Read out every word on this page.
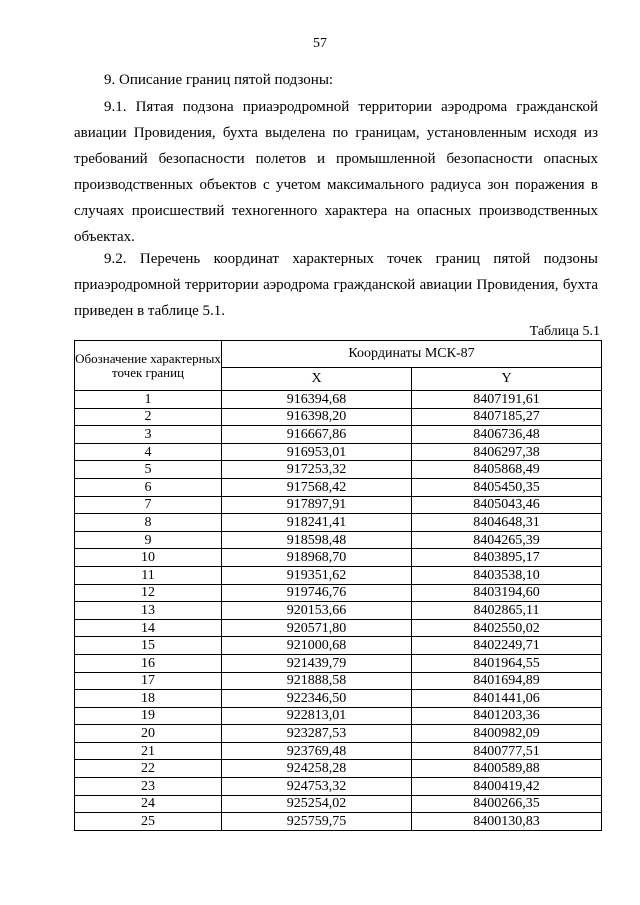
57
9. Описание границ пятой подзоны:
9.1. Пятая подзона приаэродромной территории аэродрома гражданской авиации Провидения, бухта выделена по границам, установленным исходя из требований безопасности полетов и промышленной безопасности опасных производственных объектов с учетом максимального радиуса зон поражения в случаях происшествий техногенного характера на опасных производственных объектах.
9.2. Перечень координат характерных точек границ пятой подзоны приаэродромной территории аэродрома гражданской авиации Провидения, бухта приведен в таблице 5.1.
Таблица 5.1
Обозначение характерных точек границ	Координаты МСК-87	
	X	Y
1	916394,68	8407191,61
2	916398,20	8407185,27
3	916667,86	8406736,48
4	916953,01	8406297,38
5	917253,32	8405868,49
6	917568,42	8405450,35
7	917897,91	8405043,46
8	918241,41	8404648,31
9	918598,48	8404265,39
10	918968,70	8403895,17
11	919351,62	8403538,10
12	919746,76	8403194,60
13	920153,66	8402865,11
14	920571,80	8402550,02
15	921000,68	8402249,71
16	921439,79	8401964,55
17	921888,58	8401694,89
18	922346,50	8401441,06
19	922813,01	8401203,36
20	923287,53	8400982,09
21	923769,48	8400777,51
22	924258,28	8400589,88
23	924753,32	8400419,42
24	925254,02	8400266,35
25	925759,75	8400130,83
